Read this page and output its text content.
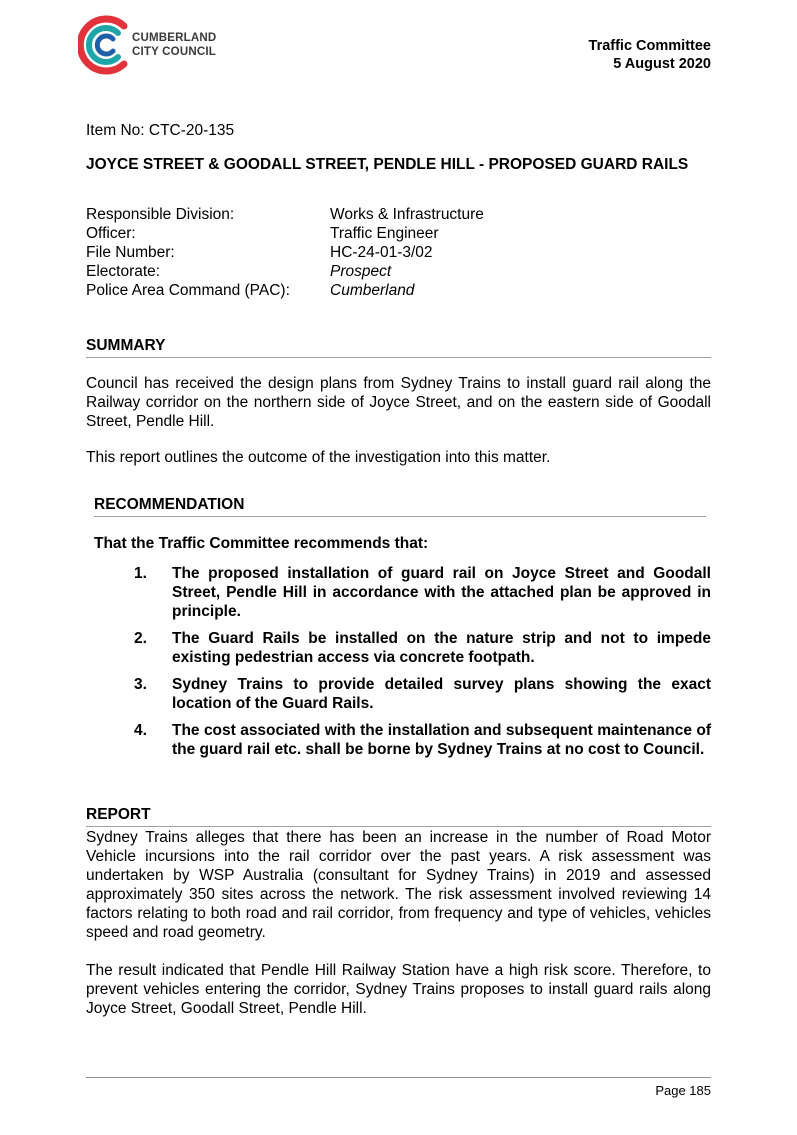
CUMBERLAND
CITY COUNCIL	Traffic Committee
5 August 2020
Item No: CTC-20-135
JOYCE STREET & GOODALL STREET, PENDLE HILL - PROPOSED GUARD RAILS
Responsible Division:	Works & Infrastructure
Officer:	Traffic Engineer
File Number:	HC-24-01-3/02
Electorate:	Prospect
Police Area Command (PAC):	Cumberland
SUMMARY
Council has received the design plans from Sydney Trains to install guard rail along the Railway corridor on the northern side of Joyce Street, and on the eastern side of Goodall Street, Pendle Hill.
This report outlines the outcome of the investigation into this matter.
RECOMMENDATION
That the Traffic Committee recommends that:
1. The proposed installation of guard rail on Joyce Street and Goodall Street, Pendle Hill in accordance with the attached plan be approved in principle.
2. The Guard Rails be installed on the nature strip and not to impede existing pedestrian access via concrete footpath.
3. Sydney Trains to provide detailed survey plans showing the exact location of the Guard Rails.
4. The cost associated with the installation and subsequent maintenance of the guard rail etc. shall be borne by Sydney Trains at no cost to Council.
REPORT
Sydney Trains alleges that there has been an increase in the number of Road Motor Vehicle incursions into the rail corridor over the past years. A risk assessment was undertaken by WSP Australia (consultant for Sydney Trains) in 2019 and assessed approximately 350 sites across the network. The risk assessment involved reviewing 14 factors relating to both road and rail corridor, from frequency and type of vehicles, vehicles speed and road geometry.
The result indicated that Pendle Hill Railway Station have a high risk score. Therefore, to prevent vehicles entering the corridor, Sydney Trains proposes to install guard rails along Joyce Street, Goodall Street, Pendle Hill.
Page 185
